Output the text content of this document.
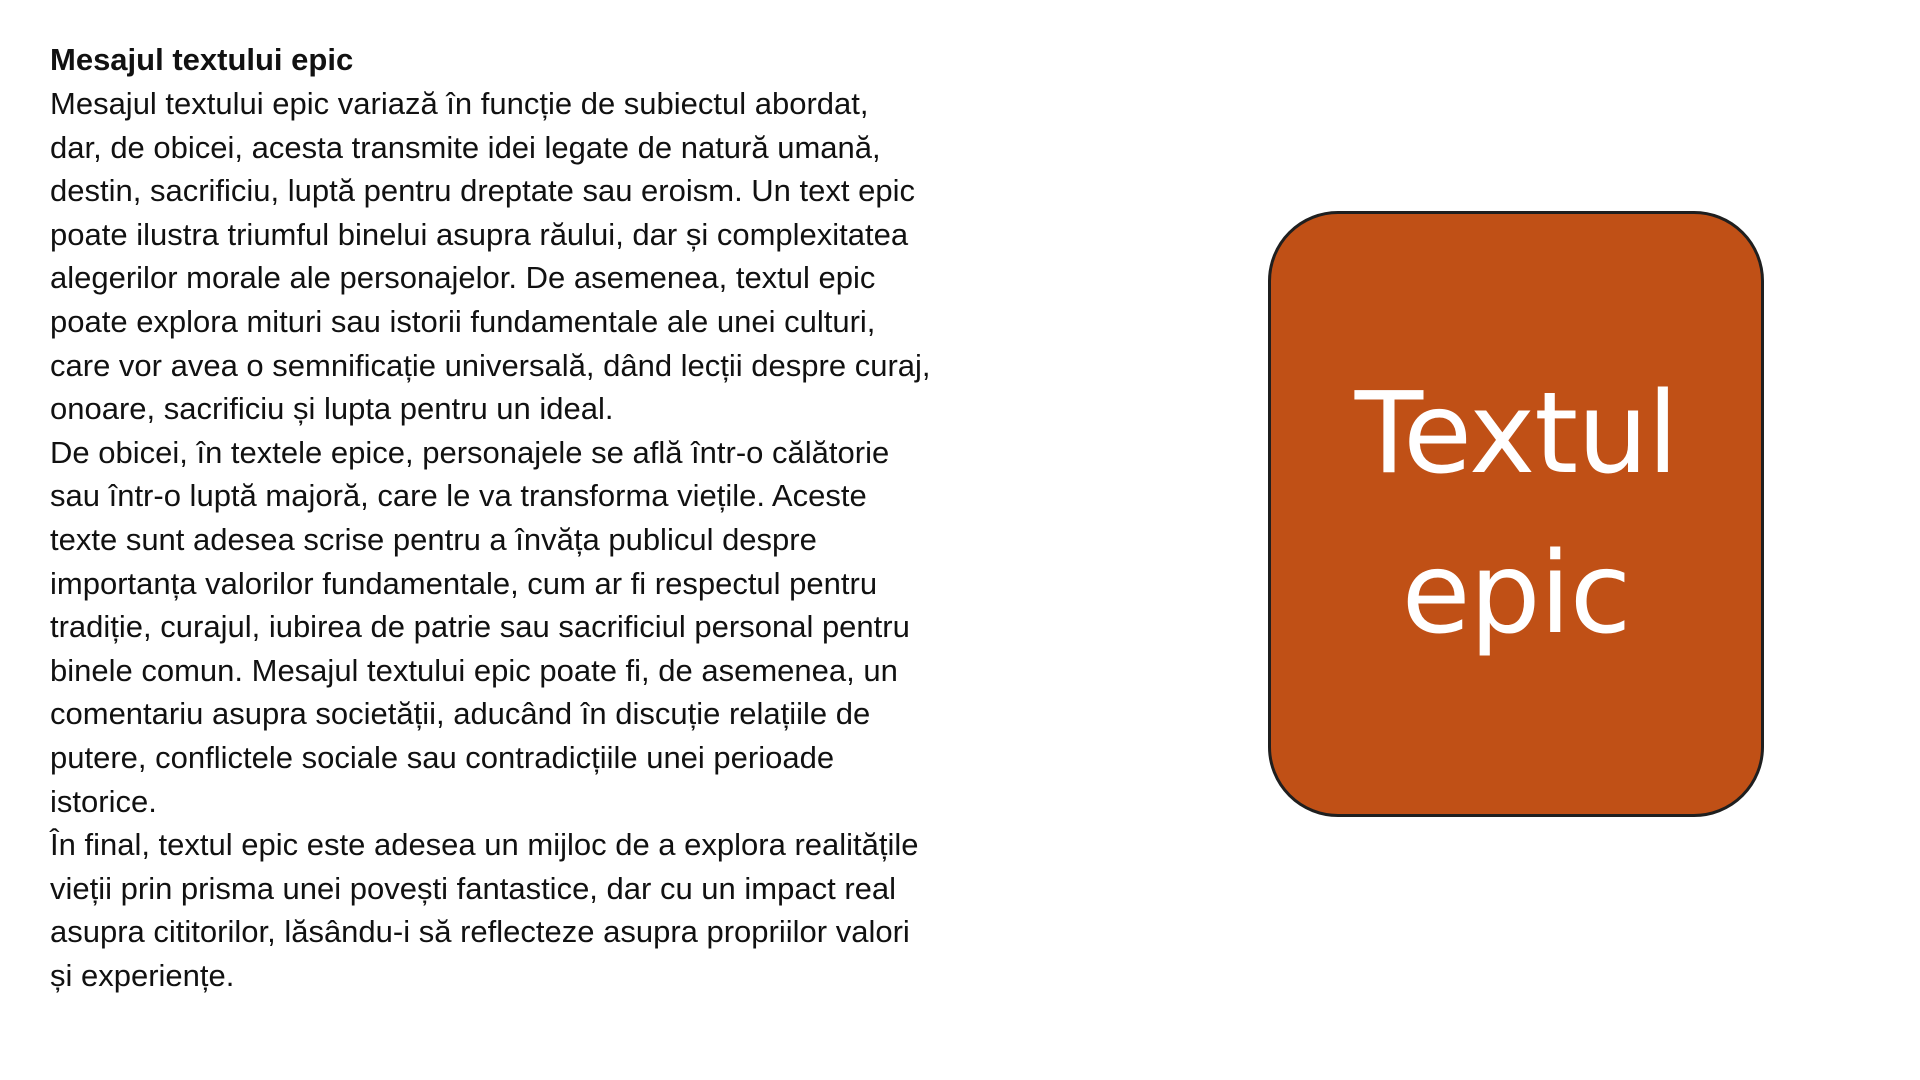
Mesajul textului epic

Mesajul textului epic variază în funcție de subiectul abordat,
dar, de obicei, acesta transmite idei legate de natură umană,
destin, sacrificiu, luptă pentru dreptate sau eroism. Un text epic
poate ilustra triumful binelui asupra răului, dar și complexitatea
alegerilor morale ale personajelor. De asemenea, textul epic
poate explora mituri sau istorii fundamentale ale unei culturi,
care vor avea o semnificație universală, dând lecții despre curaj,
onoare, sacrificiu și lupta pentru un ideal.

De obicei, în textele epice, personajele se află într-o călătorie
sau într-o luptă majoră, care le va transforma viețile. Aceste
texte sunt adesea scrise pentru a învăța publicul despre
importanța valorilor fundamentale, cum ar fi respectul pentru
tradiție, curajul, iubirea de patrie sau sacrificiul personal pentru
binele comun. Mesajul textului epic poate fi, de asemenea, un
comentariu asupra societății, aducând în discuție relațiile de
putere, conflictele sociale sau contradicțiile unei perioade
istorice.

În final, textul epic este adesea un mijloc de a explora realitățile
vieții prin prisma unei povești fantastice, dar cu un impact real
asupra cititorilor, lăsându-i să reflecteze asupra propriilor valori
și experiențe.

Textul
epic
